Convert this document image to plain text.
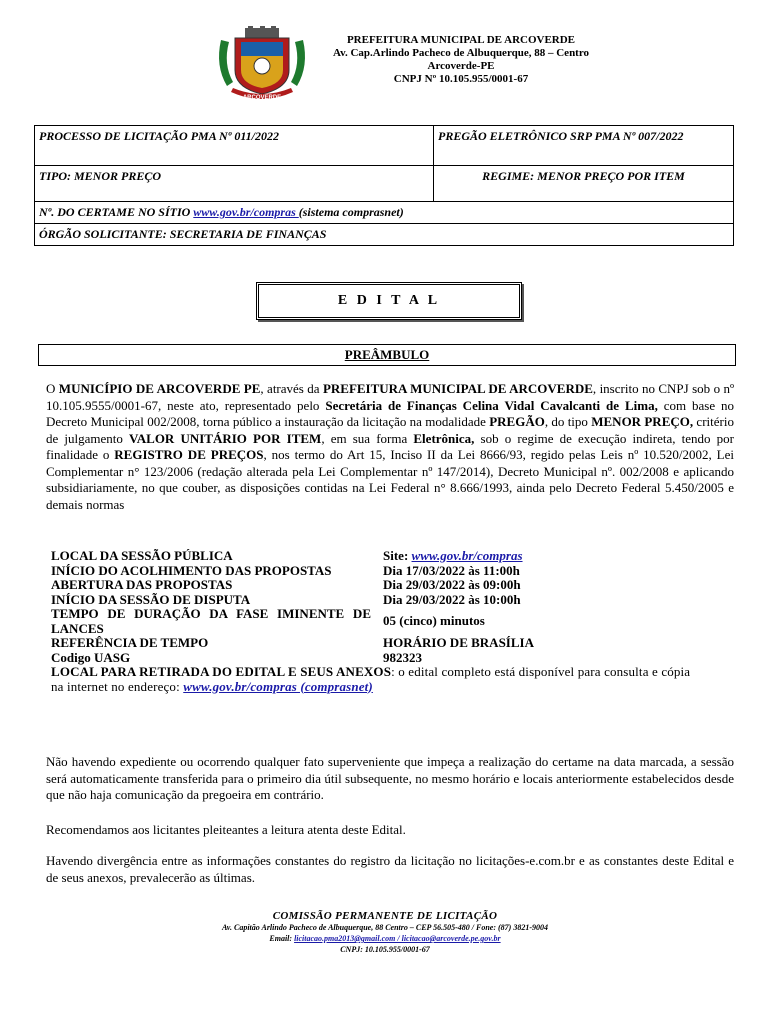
ARCOVERDE
PREFEITURA MUNICIPAL DE ARCOVERDE
Av. Cap.Arlindo Pacheco de Albuquerque, 88 – Centro
Arcoverde-PE
CNPJ Nº 10.105.955/0001-67
PROCESSO DE LICITAÇÃO PMA Nº 011/2022	PREGÃO ELETRÔNICO SRP PMA Nº 007/2022
TIPO: MENOR PREÇO	REGIME: MENOR PREÇO POR ITEM
Nº. DO CERTAME NO SÍTIO www.gov.br/compras (sistema comprasnet)	
ÓRGÃO SOLICITANTE: SECRETARIA DE FINANÇAS	
E D I T A L
PREÂMBULO
O MUNICÍPIO DE ARCOVERDE PE, através da PREFEITURA MUNICIPAL DE ARCOVERDE, inscrito no CNPJ sob o nº 10.105.9555/0001-67, neste ato, representado pelo Secretária de Finanças Celina Vidal Cavalcanti de Lima, com base no Decreto Municipal 002/2008, torna público a instauração da licitação na modalidade PREGÃO, do tipo MENOR PREÇO, critério de julgamento VALOR UNITÁRIO POR ITEM, em sua forma Eletrônica, sob o regime de execução indireta, tendo por finalidade o REGISTRO DE PREÇOS, nos termo do Art 15, Inciso II da Lei 8666/93, regido pelas Leis nº 10.520/2002, Lei Complementar n° 123/2006 (redação alterada pela Lei Complementar nº 147/2014), Decreto Municipal nº. 002/2008 e aplicando subsidiariamente, no que couber, as disposições contidas na Lei Federal n° 8.666/1993, ainda pelo Decreto Federal 5.450/2005 e demais normas
LOCAL DA SESSÃO PÚBLICA	Site: www.gov.br/compras
INÍCIO DO ACOLHIMENTO DAS PROPOSTAS	Dia 17/03/2022 às 11:00h
ABERTURA DAS PROPOSTAS	Dia 29/03/2022 às 09:00h
INÍCIO DA SESSÃO DE DISPUTA	Dia 29/03/2022 às 10:00h
TEMPO DE DURAÇÃO DA FASE IMINENTE DE LANCES	05 (cinco) minutos
REFERÊNCIA DE TEMPO	HORÁRIO DE BRASÍLIA
Codigo UASG	982323
LOCAL PARA RETIRADA DO EDITAL E SEUS ANEXOS: o edital completo está disponível para consulta e cópia na internet no endereço: www.gov.br/compras (comprasnet)	
Não havendo expediente ou ocorrendo qualquer fato superveniente que impeça a realização do certame na data marcada, a sessão será automaticamente transferida para o primeiro dia útil subsequente, no mesmo horário e locais anteriormente estabelecidos desde que não haja comunicação da pregoeira em contrário.
Recomendamos aos licitantes pleiteantes a leitura atenta deste Edital.
Havendo divergência entre as informações constantes do registro da licitação no licitações-e.com.br e as constantes deste Edital e de seus anexos, prevalecerão as últimas.
COMISSÃO PERMANENTE DE LICITAÇÃO
Av. Capitão Arlindo Pacheco de Albuquerque, 88 Centro – CEP 56.505-480 / Fone: (87) 3821-9004
Email: licitacao.pma2013@gmail.com / licitacao@arcoverde.pe.gov.br
CNPJ: 10.105.955/0001-67
